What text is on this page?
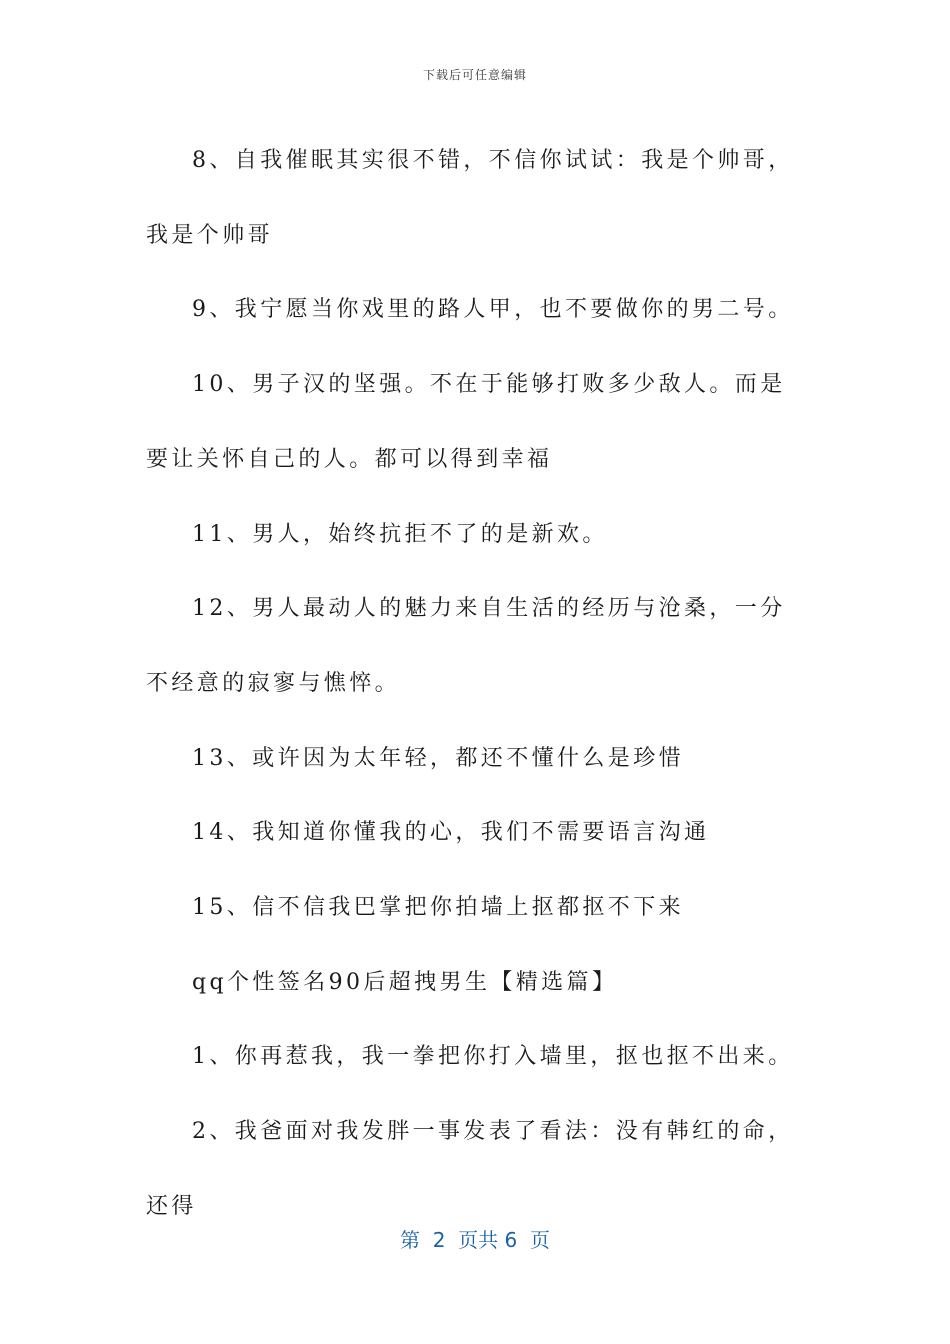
下载后可任意编辑

8、自我催眠其实很不错，不信你试试：我是个帅哥，我是个帅哥

9、我宁愿当你戏里的路人甲，也不要做你的男二号。

10、男子汉的坚强。不在于能够打败多少敌人。而是要让关怀自己的人。都可以得到幸福

11、男人，始终抗拒不了的是新欢。

12、男人最动人的魅力来自生活的经历与沧桑，一分不经意的寂寥与憔悴。

13、或许因为太年轻，都还不懂什么是珍惜

14、我知道你懂我的心，我们不需要语言沟通

15、信不信我巴掌把你拍墙上抠都抠不下来

qq个性签名90后超拽男生【精选篇】

1、你再惹我，我一拳把你打入墙里，抠也抠不出来。

2、我爸面对我发胖一事发表了看法：没有韩红的命，还得

第  2  页共 6  页
